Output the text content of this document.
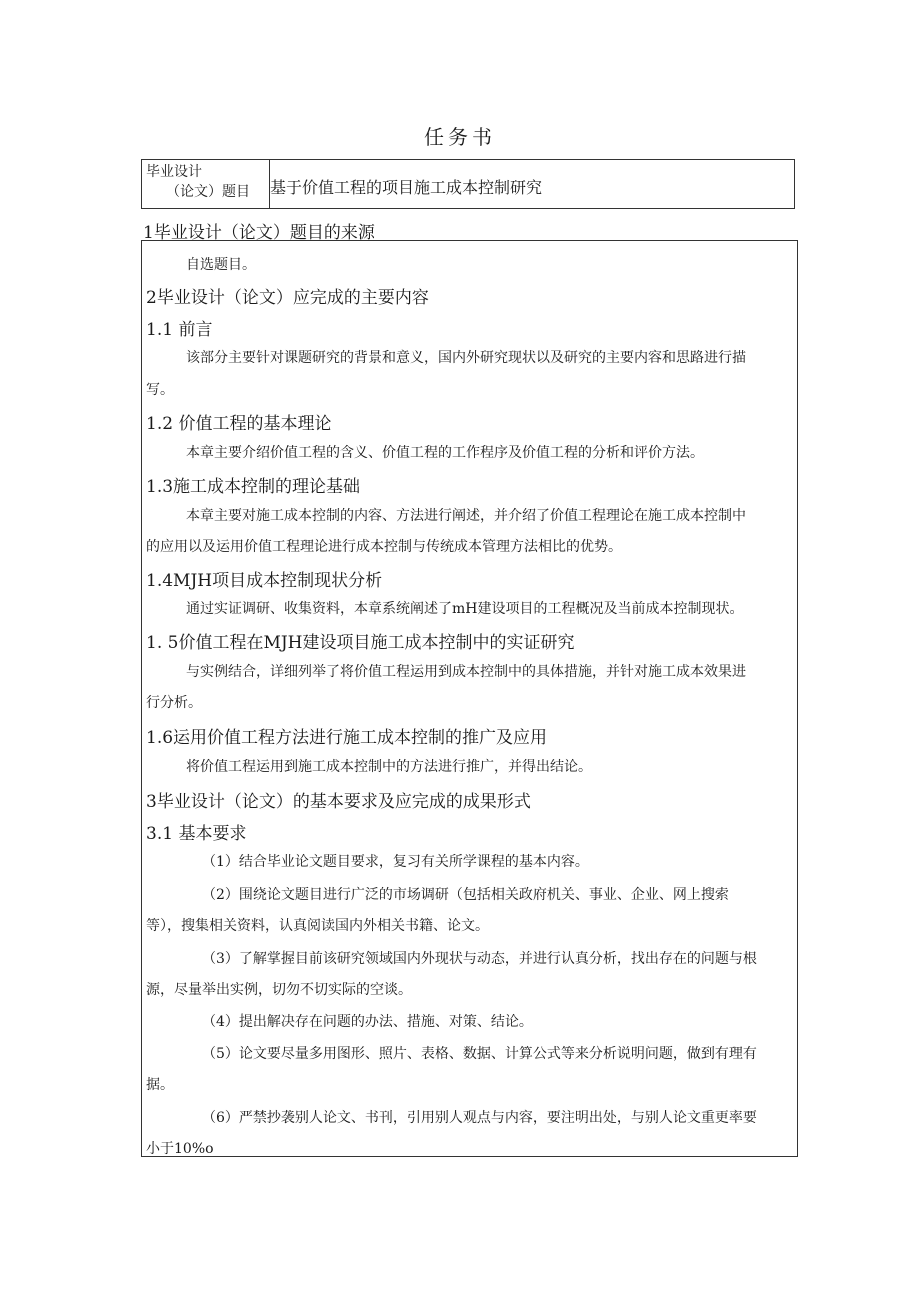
任务书
毕业设计
（论文）题目	基于价值工程的项目施工成本控制研究
1毕业设计（论文）题目的来源
自选题目。
2毕业设计（论文）应完成的主要内容
1.1 前言
该部分主要针对课题研究的背景和意义，国内外研究现状以及研究的主要内容和思路进行描
写。
1.2 价值工程的基本理论
本章主要介绍价值工程的含义、价值工程的工作程序及价值工程的分析和评价方法。
1.3施工成本控制的理论基础
本章主要对施工成本控制的内容、方法进行阐述，并介绍了价值工程理论在施工成本控制中
的应用以及运用价值工程理论进行成本控制与传统成本管理方法相比的优势。
1.4MJH项目成本控制现状分析
通过实证调研、收集资料，本章系统阐述了mH建设项目的工程概况及当前成本控制现状。
1. 5价值工程在MJH建设项目施工成本控制中的实证研究
与实例结合，详细列举了将价值工程运用到成本控制中的具体措施，并针对施工成本效果进
行分析。
1.6运用价值工程方法进行施工成本控制的推广及应用
将价值工程运用到施工成本控制中的方法进行推广，并得出结论。
3毕业设计（论文）的基本要求及应完成的成果形式
3.1 基本要求
（1）结合毕业论文题目要求，复习有关所学课程的基本内容。
（2）围绕论文题目进行广泛的市场调研（包括相关政府机关、事业、企业、网上搜索
等），搜集相关资料，认真阅读国内外相关书籍、论文。
（3）了解掌握目前该研究领域国内外现状与动态，并进行认真分析，找出存在的问题与根
源，尽量举出实例，切勿不切实际的空谈。
（4）提出解决存在问题的办法、措施、对策、结论。
（5）论文要尽量多用图形、照片、表格、数据、计算公式等来分析说明问题，做到有理有
据。
（6）严禁抄袭别人论文、书刊，引用别人观点与内容，要注明出处，与别人论文重更率要
小于10%o
